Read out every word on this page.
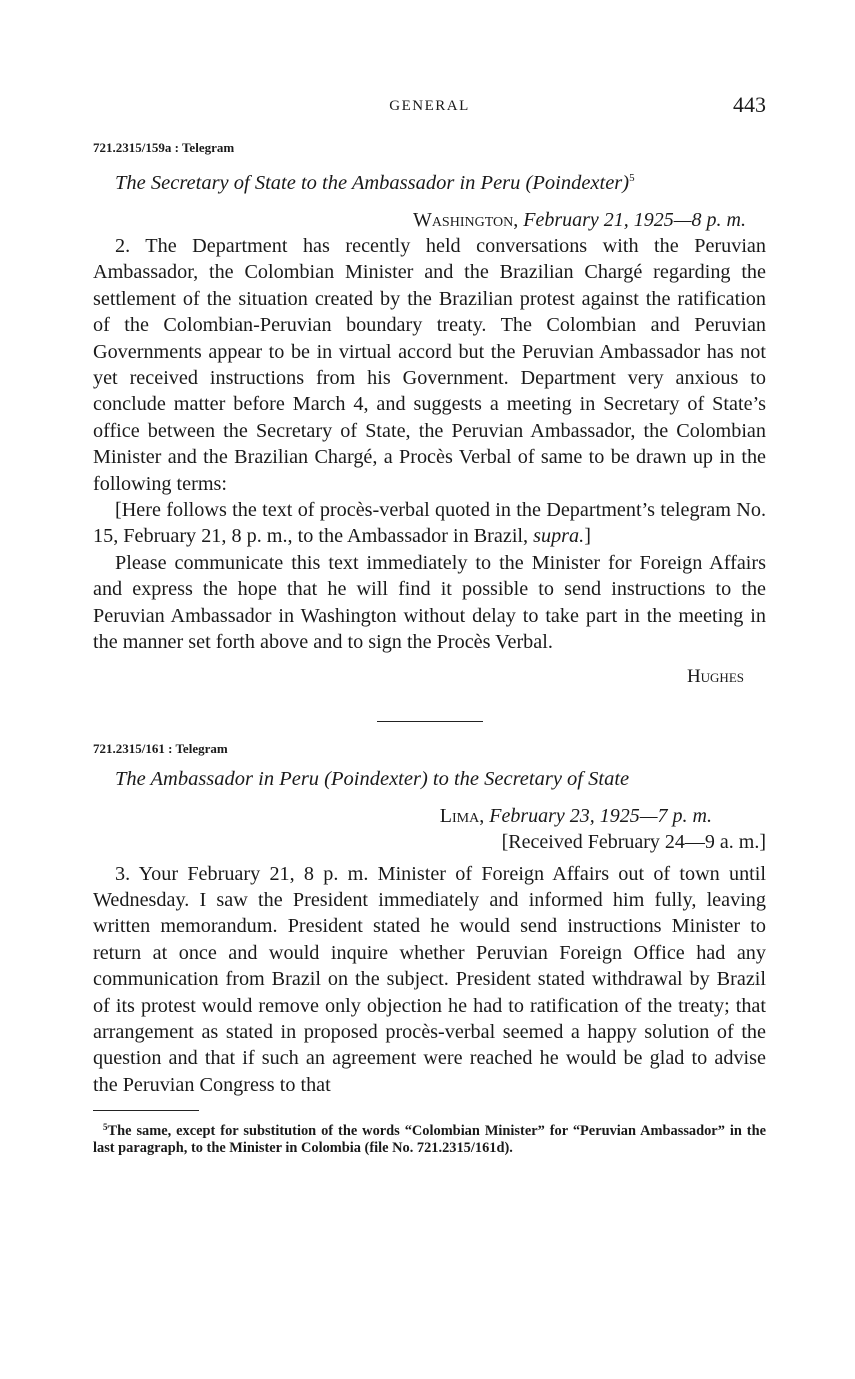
GENERAL	443
721.2315/159a : Telegram
The Secretary of State to the Ambassador in Peru (Poindexter)$^5$
Washington, February 21, 1925—8 p. m.

2. The Department has recently held conversations with the Peruvian Ambassador, the Colombian Minister and the Brazilian Chargé regarding the settlement of the situation created by the Brazilian protest against the ratification of the Colombian-Peruvian boundary treaty. The Colombian and Peruvian Governments appear to be in virtual accord but the Peruvian Ambassador has not yet received instructions from his Government. Department very anxious to conclude matter before March 4, and suggests a meeting in Secretary of State’s office between the Secretary of State, the Peruvian Ambassador, the Colombian Minister and the Brazilian Chargé, a Procès Verbal of same to be drawn up in the following terms:

[Here follows the text of procès-verbal quoted in the Department’s telegram No. 15, February 21, 8 p. m., to the Ambassador in Brazil, supra.]

Please communicate this text immediately to the Minister for Foreign Affairs and express the hope that he will find it possible to send instructions to the Peruvian Ambassador in Washington without delay to take part in the meeting in the manner set forth above and to sign the Procès Verbal.

Hughes
721.2315/161 : Telegram
The Ambassador in Peru (Poindexter) to the Secretary of State
Lima, February 23, 1925—7 p. m.
[Received February 24—9 a. m.]

3. Your February 21, 8 p. m. Minister of Foreign Affairs out of town until Wednesday. I saw the President immediately and informed him fully, leaving written memorandum. President stated he would send instructions Minister to return at once and would inquire whether Peruvian Foreign Office had any communication from Brazil on the subject. President stated withdrawal by Brazil of its protest would remove only objection he had to ratification of the treaty; that arrangement as stated in proposed procès-verbal seemed a happy solution of the question and that if such an agreement were reached he would be glad to advise the Peruvian Congress to that

$^5$The same, except for substitution of the words “Colombian Minister” for “Peruvian Ambassador” in the last paragraph, to the Minister in Colombia (file No. 721.2315/161d).
